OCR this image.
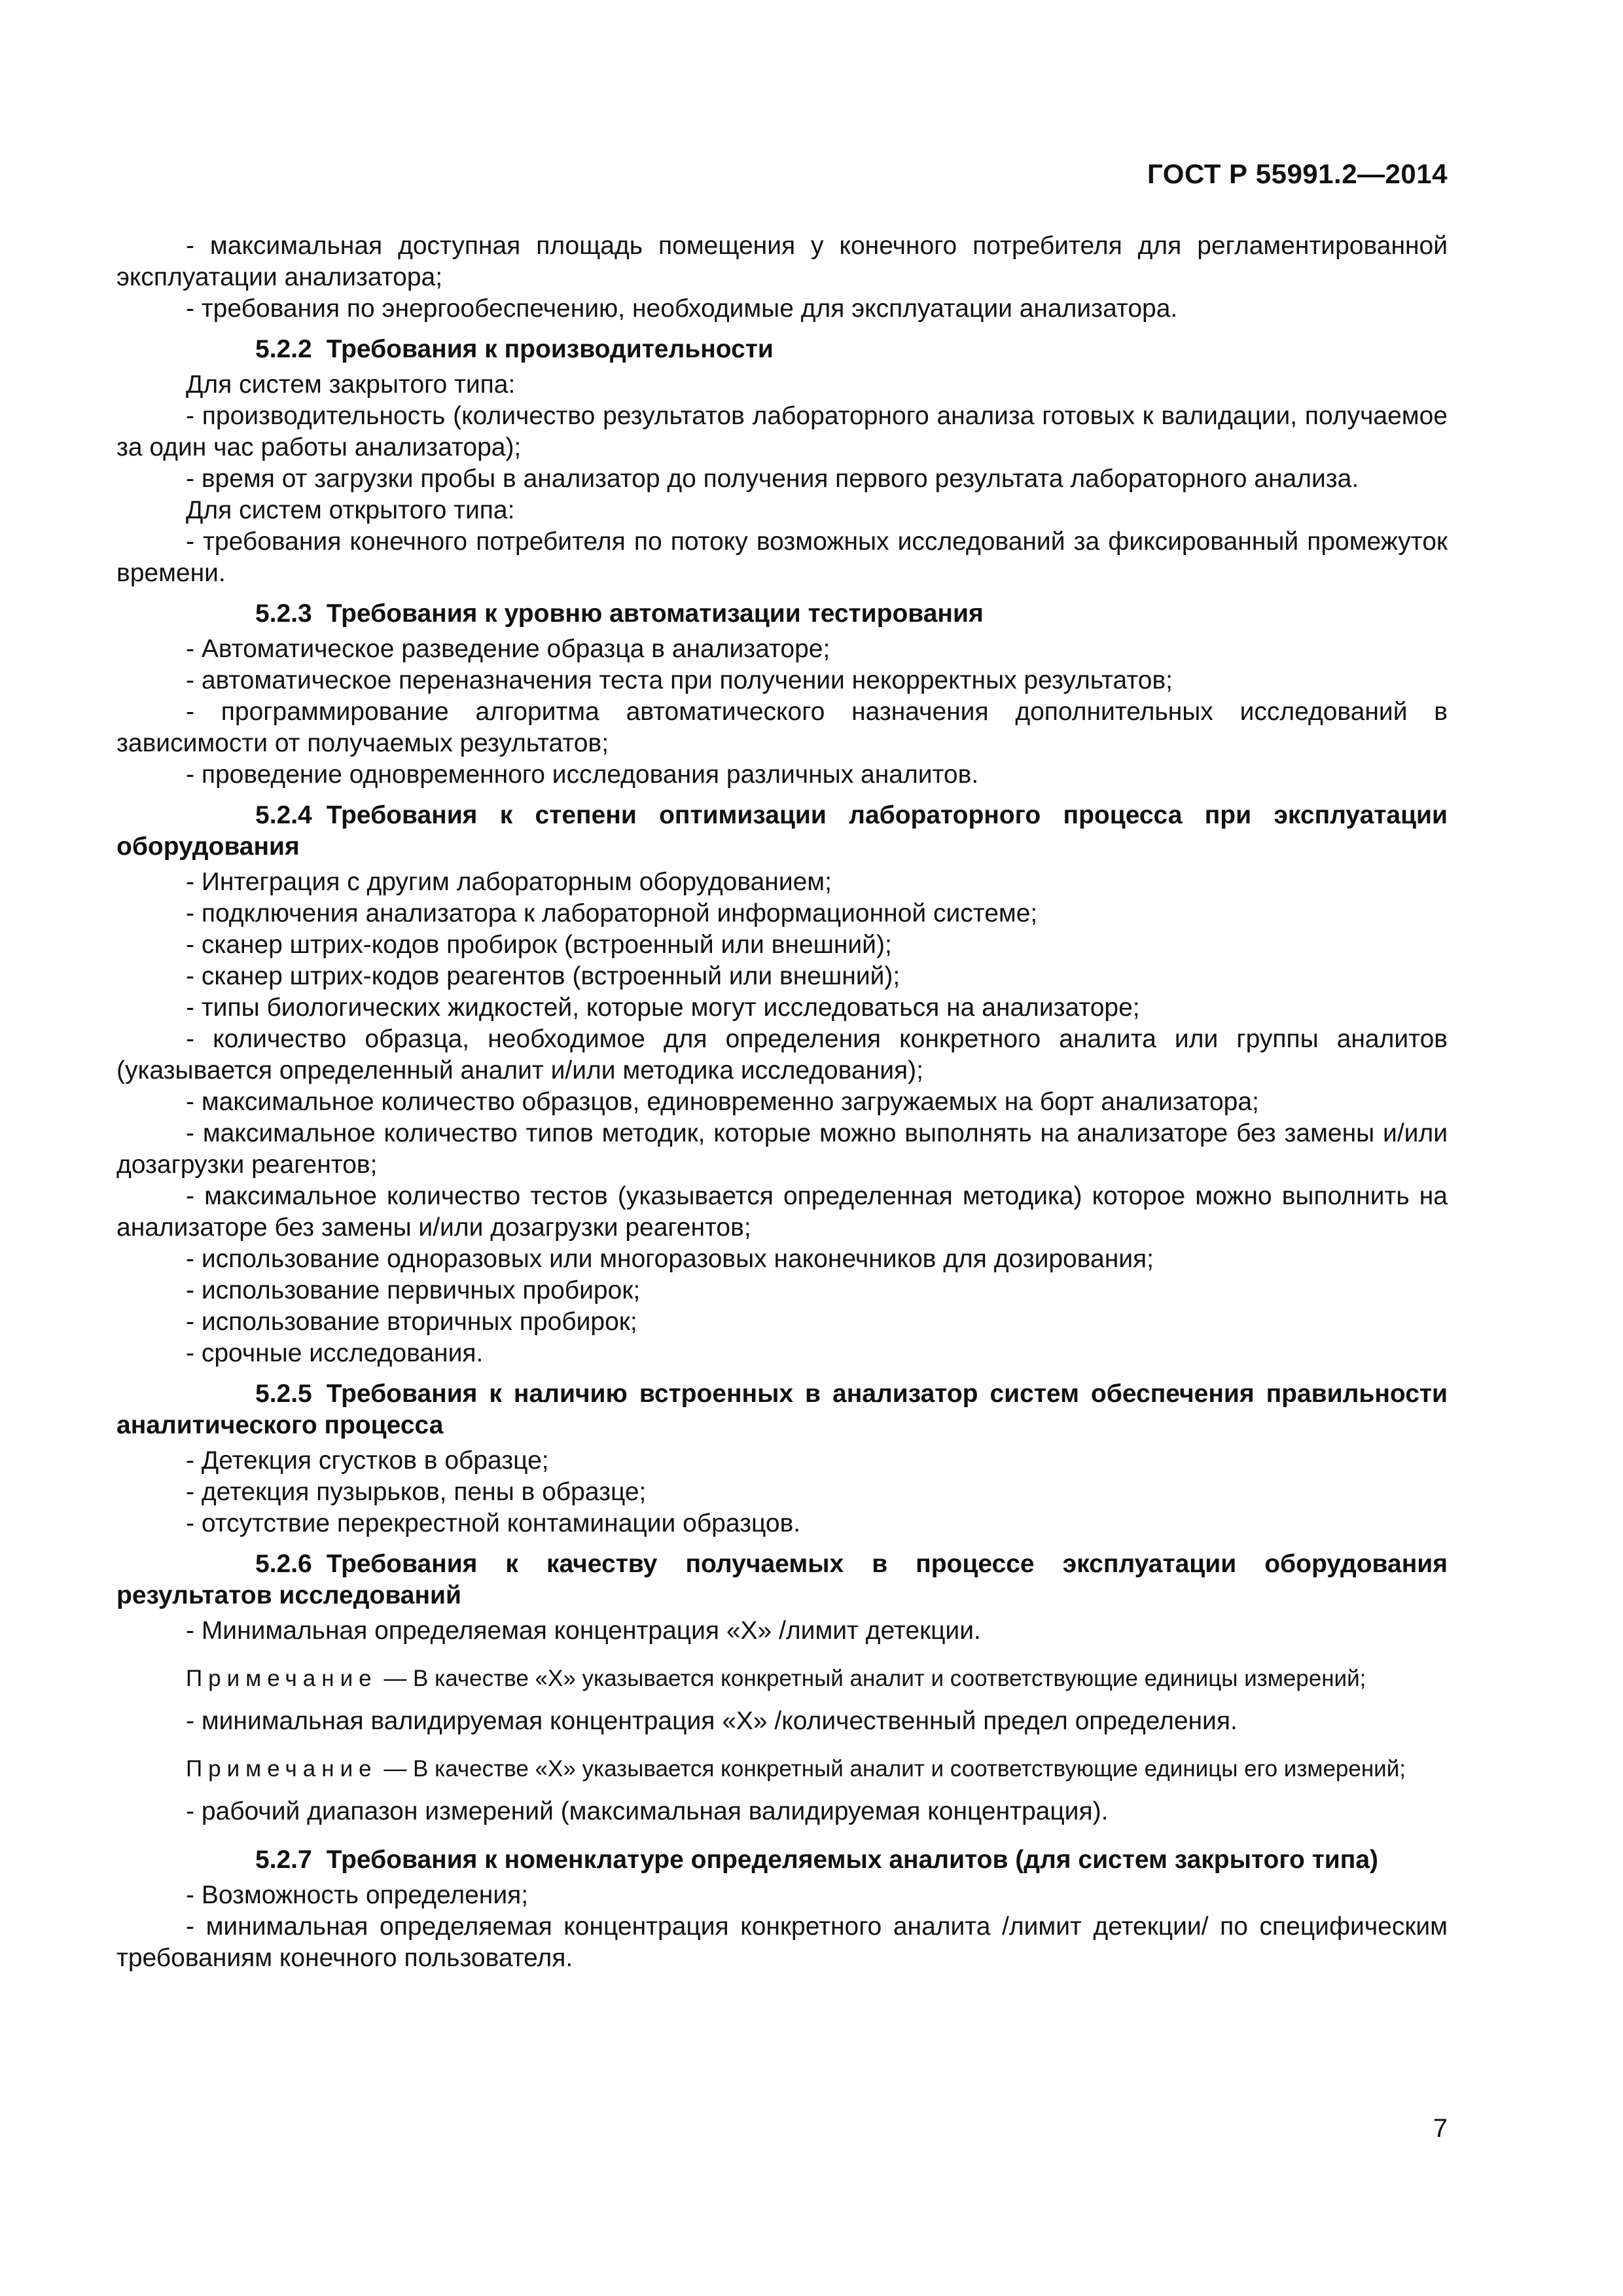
ГОСТ Р 55991.2—2014

- максимальная доступная площадь помещения у конечного потребителя для регламентированной эксплуатации анализатора;

- требования по энергообеспечению, необходимые для эксплуатации анализатора.

5.2.2 Требования к производительности

Для систем закрытого типа:

- производительность (количество результатов лабораторного анализа готовых к валидации, получаемое за один час работы анализатора);

- время от загрузки пробы в анализатор до получения первого результата лабораторного анализа.

Для систем открытого типа:

- требования конечного потребителя по потоку возможных исследований за фиксированный промежуток времени.

5.2.3 Требования к уровню автоматизации тестирования

- Автоматическое разведение образца в анализаторе;

- автоматическое переназначения теста при получении некорректных результатов;

- программирование алгоритма автоматического назначения дополнительных исследований в зависимости от получаемых результатов;

- проведение одновременного исследования различных аналитов.

5.2.4 Требования к степени оптимизации лабораторного процесса при эксплуатации оборудования

- Интеграция с другим лабораторным оборудованием;

- подключения анализатора к лабораторной информационной системе;

- сканер штрих-кодов пробирок (встроенный или внешний);

- сканер штрих-кодов реагентов (встроенный или внешний);

- типы биологических жидкостей, которые могут исследоваться на анализаторе;

- количество образца, необходимое для определения конкретного аналита или группы аналитов (указывается определенный аналит и/или методика исследования);

- максимальное количество образцов, единовременно загружаемых на борт анализатора;

- максимальное количество типов методик, которые можно выполнять на анализаторе без замены и/или дозагрузки реагентов;

- максимальное количество тестов (указывается определенная методика) которое можно выполнить на анализаторе без замены и/или дозагрузки реагентов;

- использование одноразовых или многоразовых наконечников для дозирования;

- использование первичных пробирок;

- использование вторичных пробирок;

- срочные исследования.

5.2.5 Требования к наличию встроенных в анализатор систем обеспечения правильности аналитического процесса

- Детекция сгустков в образце;

- детекция пузырьков, пены в образце;

- отсутствие перекрестной контаминации образцов.

5.2.6 Требования к качеству получаемых в процессе эксплуатации оборудования результатов исследований

- Минимальная определяемая концентрация «X» /лимит детекции.

Примечание — В качестве «X» указывается конкретный аналит и соответствующие единицы измерений;

- минимальная валидируемая концентрация «X» /количественный предел определения.

Примечание — В качестве «X» указывается конкретный аналит и соответствующие единицы его измерений;

- рабочий диапазон измерений (максимальная валидируемая концентрация).

5.2.7 Требования к номенклатуре определяемых аналитов (для систем закрытого типа)

- Возможность определения;

- минимальная определяемая концентрация конкретного аналита /лимит детекции/ по специфическим требованиям конечного пользователя.

7
